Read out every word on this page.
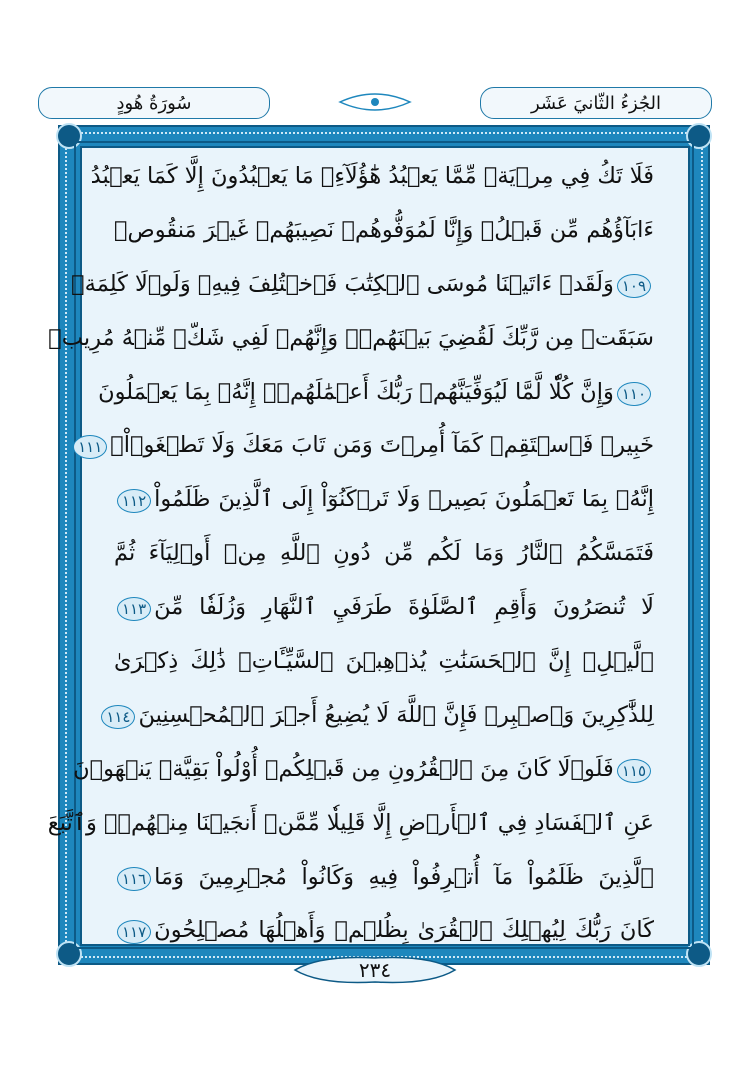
سُورَةُ هُودٍ	الجُزءُ الثّانيَ عَشَر
فَلَا تَكُ فِي مِرۡيَةٖ مِّمَّا يَعۡبُدُ هَٰٓؤُلَآءِۚ مَا يَعۡبُدُونَ إِلَّا كَمَا يَعۡبُدُ
ءَابَآؤُهُم مِّن قَبۡلُۚ وَإِنَّا لَمُوَفُّوهُمۡ نَصِيبَهُمۡ غَيۡرَ مَنقُوصٖ
١٠٩وَلَقَدۡ ءَاتَيۡنَا مُوسَى ٱلۡكِتَٰبَ فَٱخۡتُلِفَ فِيهِۚ وَلَوۡلَا كَلِمَةٞ
سَبَقَتۡ مِن رَّبِّكَ لَقُضِيَ بَيۡنَهُمۡۚ وَإِنَّهُمۡ لَفِي شَكّٖ مِّنۡهُ مُرِيبٖ
١١٠وَإِنَّ كُلّٗا لَّمَّا لَيُوَفِّيَنَّهُمۡ رَبُّكَ أَعۡمَٰلَهُمۡۚ إِنَّهُۥ بِمَا يَعۡمَلُونَ
خَبِيرٞ فَٱسۡتَقِمۡ كَمَآ أُمِرۡتَ وَمَن تَابَ مَعَكَ وَلَا تَطۡغَوۡاْۚ١١١
إِنَّهُۥ بِمَا تَعۡمَلُونَ بَصِيرٞ وَلَا تَرۡكَنُوٓاْ إِلَى ٱلَّذِينَ ظَلَمُواْ١١٢
فَتَمَسَّكُمُ ٱلنَّارُ وَمَا لَكُم مِّن دُونِ ٱللَّهِ مِنۡ أَوۡلِيَآءَ ثُمَّ
لَا تُنصَرُونَ وَأَقِمِ ٱلصَّلَوٰةَ طَرَفَيِ ٱلنَّهَارِ وَزُلَفٗا مِّنَ١١٣
ٱلَّيۡلِۚ إِنَّ ٱلۡحَسَنَٰتِ يُذۡهِبۡنَ ٱلسَّيِّـَٔاتِۚ ذَٰلِكَ ذِكۡرَىٰ
لِلذَّٰكِرِينَ وَٱصۡبِرۡ فَإِنَّ ٱللَّهَ لَا يُضِيعُ أَجۡرَ ٱلۡمُحۡسِنِينَ١١٤
١١٥فَلَوۡلَا كَانَ مِنَ ٱلۡقُرُونِ مِن قَبۡلِكُمۡ أُوْلُواْ بَقِيَّةٖ يَنۡهَوۡنَ
عَنِ ٱلۡفَسَادِ فِي ٱلۡأَرۡضِ إِلَّا قَلِيلٗا مِّمَّنۡ أَنجَيۡنَا مِنۡهُمۡۗ وَٱتَّبَعَ
ٱلَّذِينَ ظَلَمُواْ مَآ أُتۡرِفُواْ فِيهِ وَكَانُواْ مُجۡرِمِينَ وَمَا١١٦
كَانَ رَبُّكَ لِيُهۡلِكَ ٱلۡقُرَىٰ بِظُلۡمٖ وَأَهۡلُهَا مُصۡلِحُونَ١١٧
٢٣٤
